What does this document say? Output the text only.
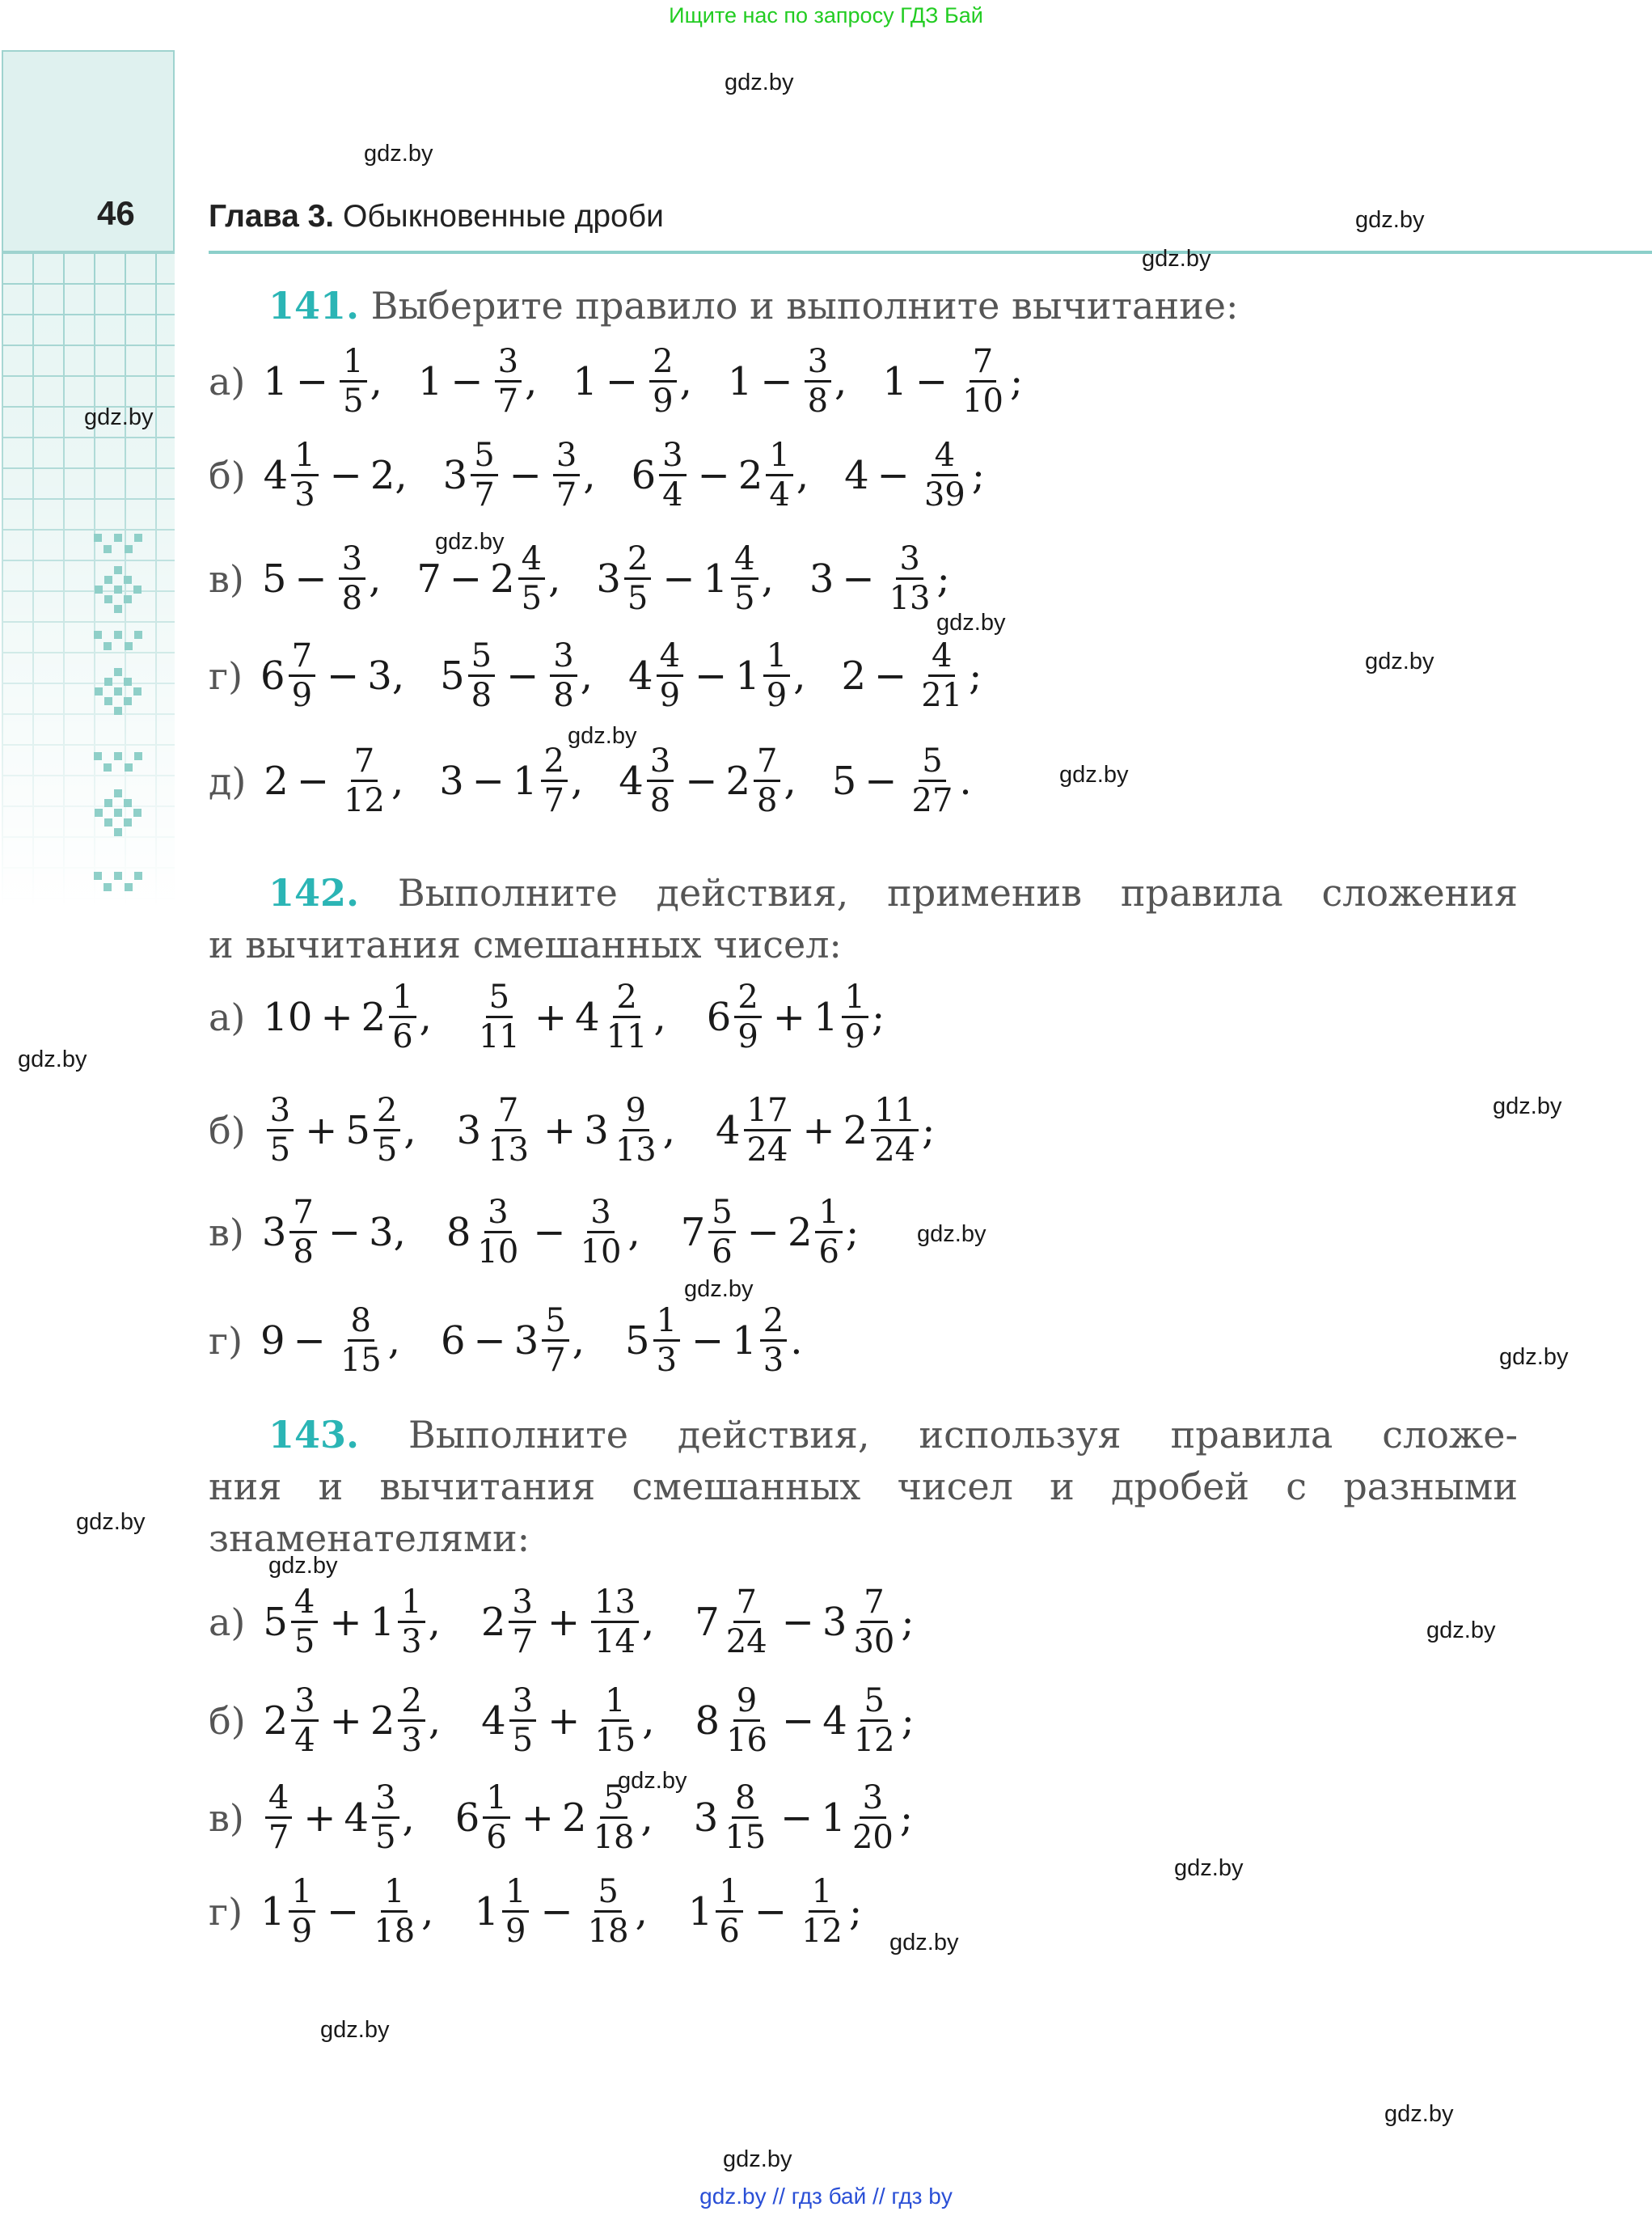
Ищите нас по запросу ГДЗ Бай
46 Глава 3. Обыкновенные дроби
141. Выберите правило и выполните вычитание:
а) $1 - \frac{1}{5}$ , $1 - \frac{3}{7}$ , $1 - \frac{2}{9}$ , $1 - \frac{3}{8}$ , $1 - \frac{7}{10}$ ;
б) $4 \frac{1}{3} - 2$ , $3 \frac{5}{7} - \frac{3}{7}$ , $6 \frac{3}{4} - 2 \frac{1}{4}$ , $4 - \frac{4}{39}$ ;
в) $5 - \frac{3}{8}$ , $7 - 2 \frac{4}{5}$ , $3 \frac{2}{5} - 1 \frac{4}{5}$ , $3 - \frac{3}{13}$ ;
г) $6 \frac{7}{9} - 3$ , $5 \frac{5}{8} - \frac{3}{8}$ , $4 \frac{4}{9} - 1 \frac{1}{9}$ , $2 - \frac{4}{21}$ ;
д) $2 - \frac{7}{12}$ , $3 - 1 \frac{2}{7}$ , $4 \frac{3}{8} - 2 \frac{7}{8}$ , $5 - \frac{5}{27}$ .
142. Выполните действия, применив правила сложения
и вычитания смешанных чисел:
а) $10 + 2 \frac{1}{6}$ , $\frac{5}{11} + 4 \frac{2}{11}$ , $6 \frac{2}{9} + 1 \frac{1}{9}$ ;
$б) \frac{3}{5} + 5 \frac{2}{5}$ , $3 \frac{7}{13} + 3 \frac{9}{13}$ , $4 \frac{17}{24} + 2 \frac{11}{24}$ ;
в) $3 \frac{7}{8} - 3$ , $8 \frac{3}{10} - \frac{3}{10}$ , $7 \frac{5}{6} - 2 \frac{1}{6}$ ;
г) $9 - \frac{8}{15}$ , $6 - 3 \frac{5}{7}$ , $5 \frac{1}{3} - 1 \frac{2}{3}$ .
143. Выполните действия, используя правила сложе-
ния и вычитания смешанных чисел и дробей с разными
знаменателями:
а) $5 \frac{4}{5} + 1 \frac{1}{3}$ , $2 \frac{3}{7} + \frac{13}{14}$ , $7 \frac{7}{24} - 3 \frac{7}{30}$ ;
б) $2 \frac{3}{4} + 2 \frac{2}{3}$ , $4 \frac{3}{5} + \frac{1}{15}$ , $8 \frac{9}{16} - 4 \frac{5}{12}$ ;
$в) \frac{4}{7} + 4 \frac{3}{5}$ , $6 \frac{1}{6} + 2 \frac{5}{18}$ , $3 \frac{8}{15} - 1 \frac{3}{20}$ ;
г) $1 \frac{1}{9} - \frac{1}{18}$ , $1 \frac{1}{9} - \frac{5}{18}$ , $1 \frac{1}{6} - \frac{1}{12}$ ;
gdz.by
gdz.by
gdz.by
gdz.by
gdz.by
gdz.by
gdz.by
gdz.by
gdz.by
gdz.by
gdz.by
gdz.by
gdz.by
gdz.by
gdz.by
gdz.by
gdz.by
gdz.by
gdz.by
gdz.by
gdz.by
gdz.by
gdz.by
gdz.by
gdz.by // гдз бай // гдз by
